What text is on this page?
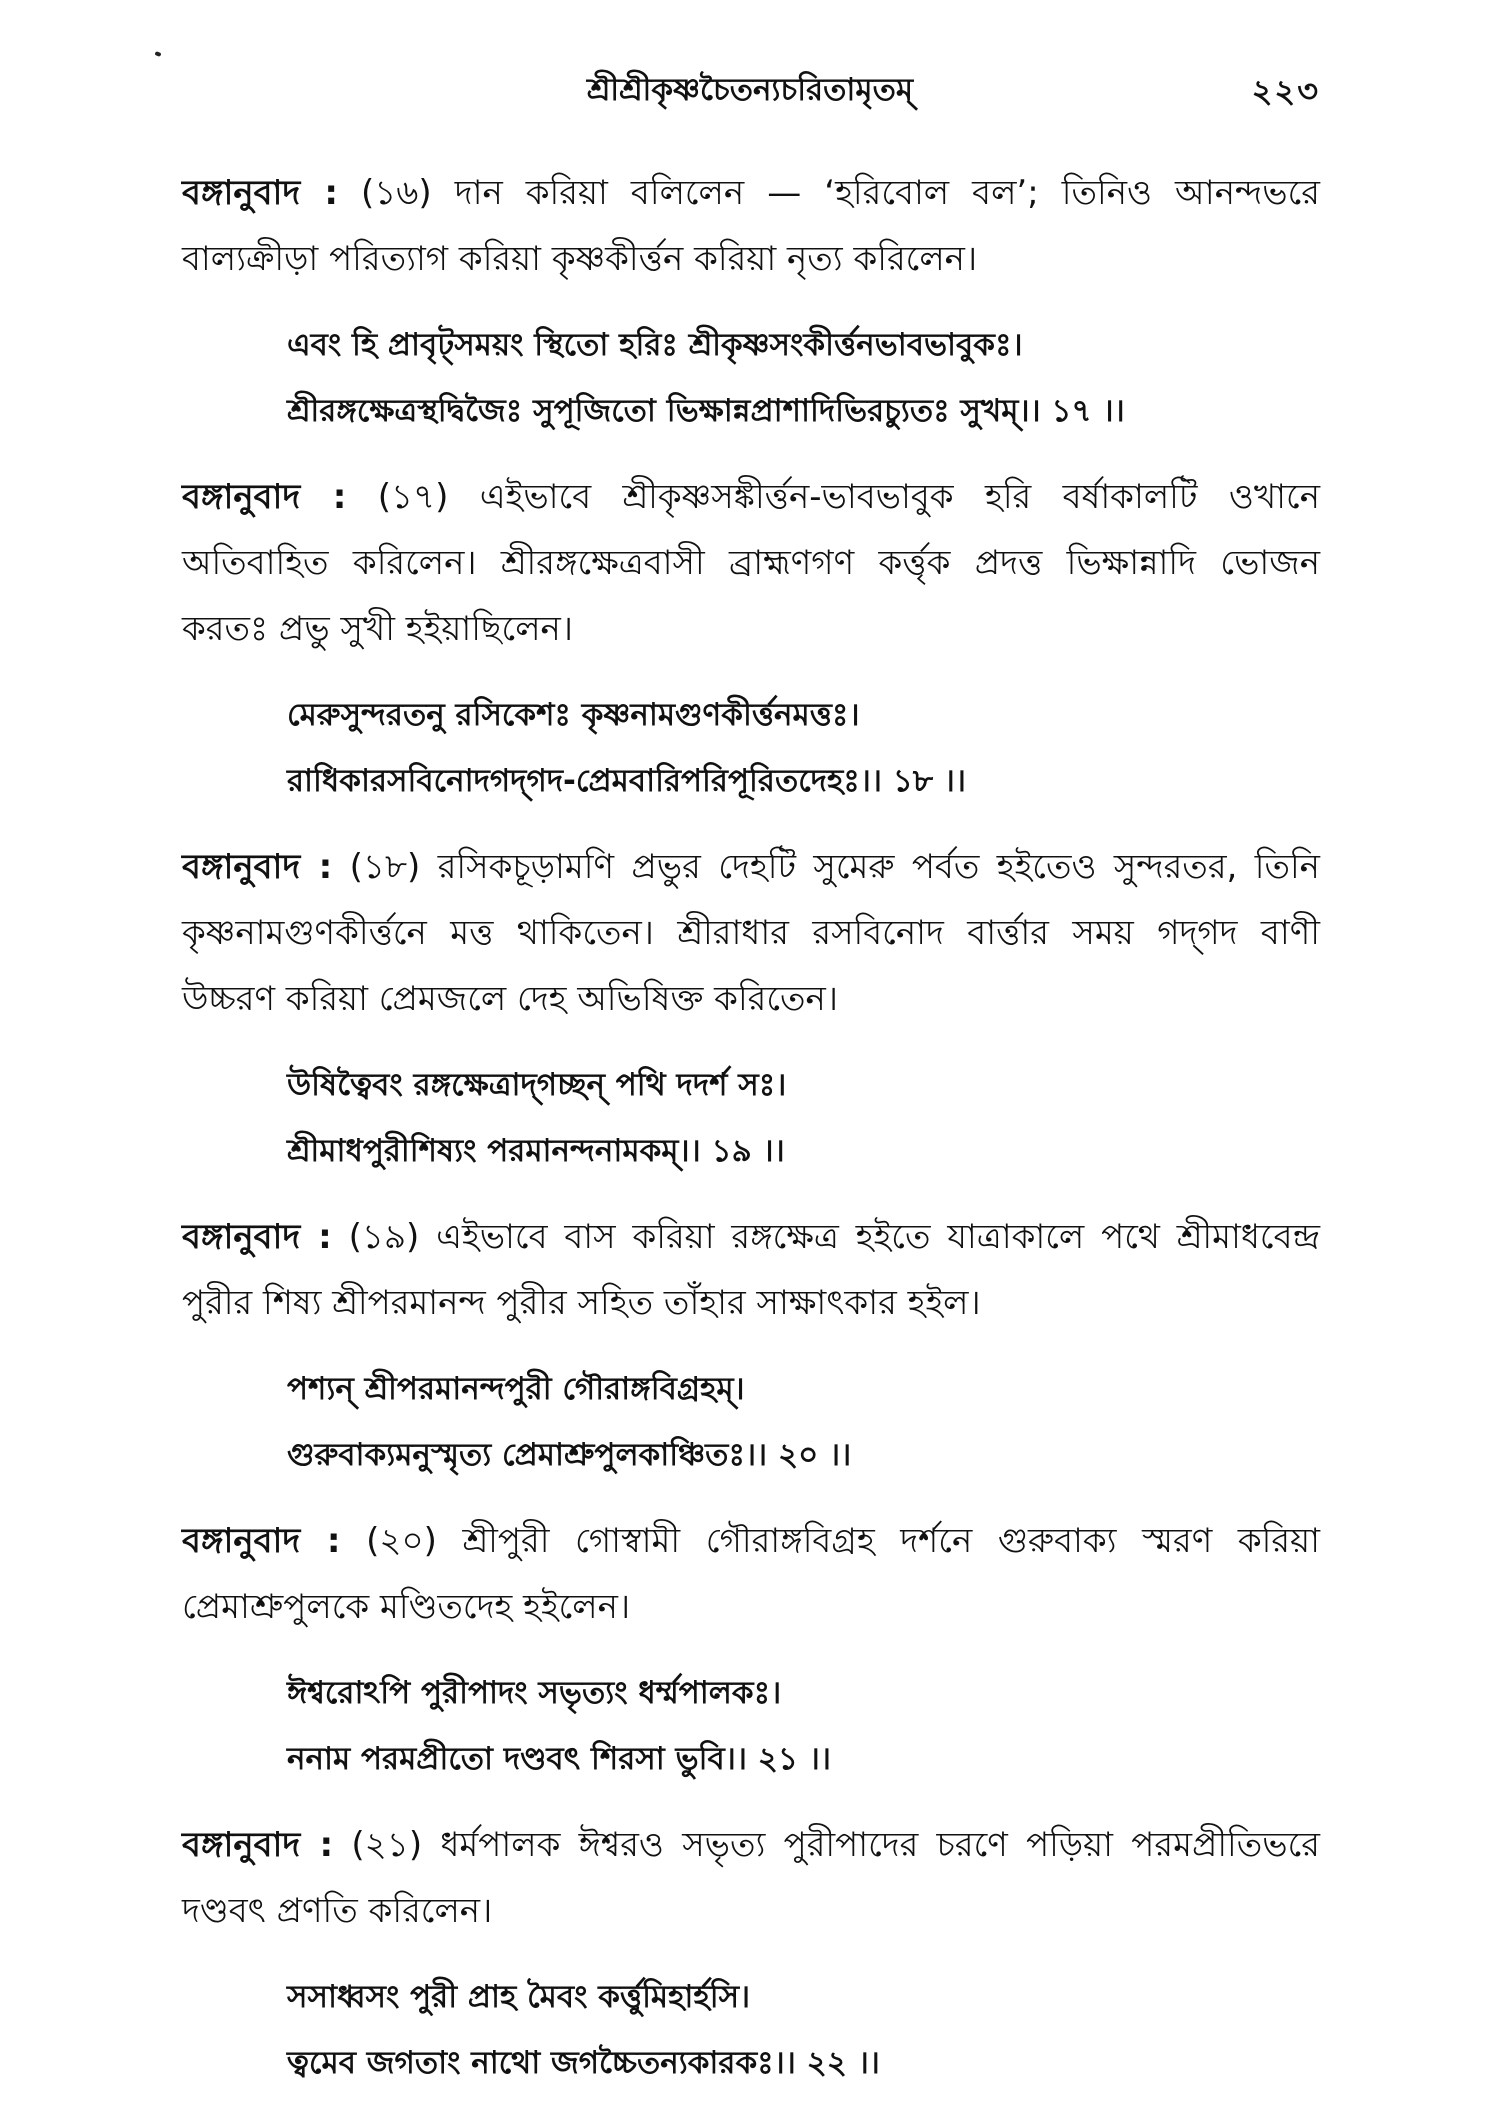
শ্রীশ্রীকৃষ্ণচৈতন্যচরিতামৃতম্	২২৩

বঙ্গানুবাদ : (১৬) দান করিয়া বলিলেন — ‘হরিবোল বল’; তিনিও আনন্দভরে বাল্যক্রীড়া পরিত্যাগ করিয়া কৃষ্ণকীর্ত্তন করিয়া নৃত্য করিলেন।

এবং হি প্রাবৃট্‌সময়ং স্থিতো হরিঃ শ্রীকৃষ্ণসংকীর্ত্তনভাবভাবুকঃ।
শ্রীরঙ্গক্ষেত্রস্থদ্বিজৈঃ সুপূজিতো ভিক্ষান্নপ্রাশাদিভিরচ্যুতঃ সুখম্।। ১৭ ।।

বঙ্গানুবাদ : (১৭) এইভাবে শ্রীকৃষ্ণসঙ্কীর্ত্তন-ভাবভাবুক হরি বর্ষাকালটি ওখানে অতিবাহিত করিলেন। শ্রীরঙ্গক্ষেত্রবাসী ব্রাহ্মণগণ কর্ত্তৃক প্রদত্ত ভিক্ষান্নাদি ভোজন করতঃ প্রভু সুখী হইয়াছিলেন।

মেরুসুন্দরতনু রসিকেশঃ কৃষ্ণনামগুণকীর্ত্তনমত্তঃ।
রাধিকারসবিনোদগদ্‌গদ-প্রেমবারিপরিপূরিতদেহঃ।। ১৮ ।।

বঙ্গানুবাদ : (১৮) রসিকচূড়ামণি প্রভুর দেহটি সুমেরু পর্বত হইতেও সুন্দরতর, তিনি কৃষ্ণনামগুণকীর্ত্তনে মত্ত থাকিতেন। শ্রীরাধার রসবিনোদ বার্ত্তার সময় গদ্‌গদ বাণী উচ্চরণ করিয়া প্রেমজলে দেহ অভিষিক্ত করিতেন।

উষিত্বৈবং রঙ্গক্ষেত্রাদ্‌গচ্ছন্ পথি দদর্শ সঃ।
শ্রীমাধপুরীশিষ্যং পরমানন্দনামকম্।। ১৯ ।।

বঙ্গানুবাদ : (১৯) এইভাবে বাস করিয়া রঙ্গক্ষেত্র হইতে যাত্রাকালে পথে শ্রীমাধবেন্দ্র পুরীর শিষ্য শ্রীপরমানন্দ পুরীর সহিত তাঁহার সাক্ষাৎকার হইল।

পশ্যন্ শ্রীপরমানন্দপুরী গৌরাঙ্গবিগ্রহম্।
গুরুবাক্যমনুস্মৃত্য প্রেমাশ্রুপুলকাঞ্চিতঃ।। ২০ ।।

বঙ্গানুবাদ : (২০) শ্রীপুরী গোস্বামী গৌরাঙ্গবিগ্রহ দর্শনে গুরুবাক্য স্মরণ করিয়া প্রেমাশ্রুপুলকে মণ্ডিতদেহ হইলেন।

ঈশ্বরোঽপি পুরীপাদং সভৃত্যং ধর্ম্মপালকঃ।
ননাম পরমপ্রীতো দণ্ডবৎ শিরসা ভুবি।। ২১ ।।

বঙ্গানুবাদ : (২১) ধর্মপালক ঈশ্বরও সভৃত্য পুরীপাদের চরণে পড়িয়া পরমপ্রীতিভরে দণ্ডবৎ প্রণতি করিলেন।

সসাধ্বসং পুরী প্রাহ মৈবং কর্ত্তুমিহার্হসি।
ত্বমেব জগতাং নাথো জগচ্চৈতন্যকারকঃ।। ২২ ।।
